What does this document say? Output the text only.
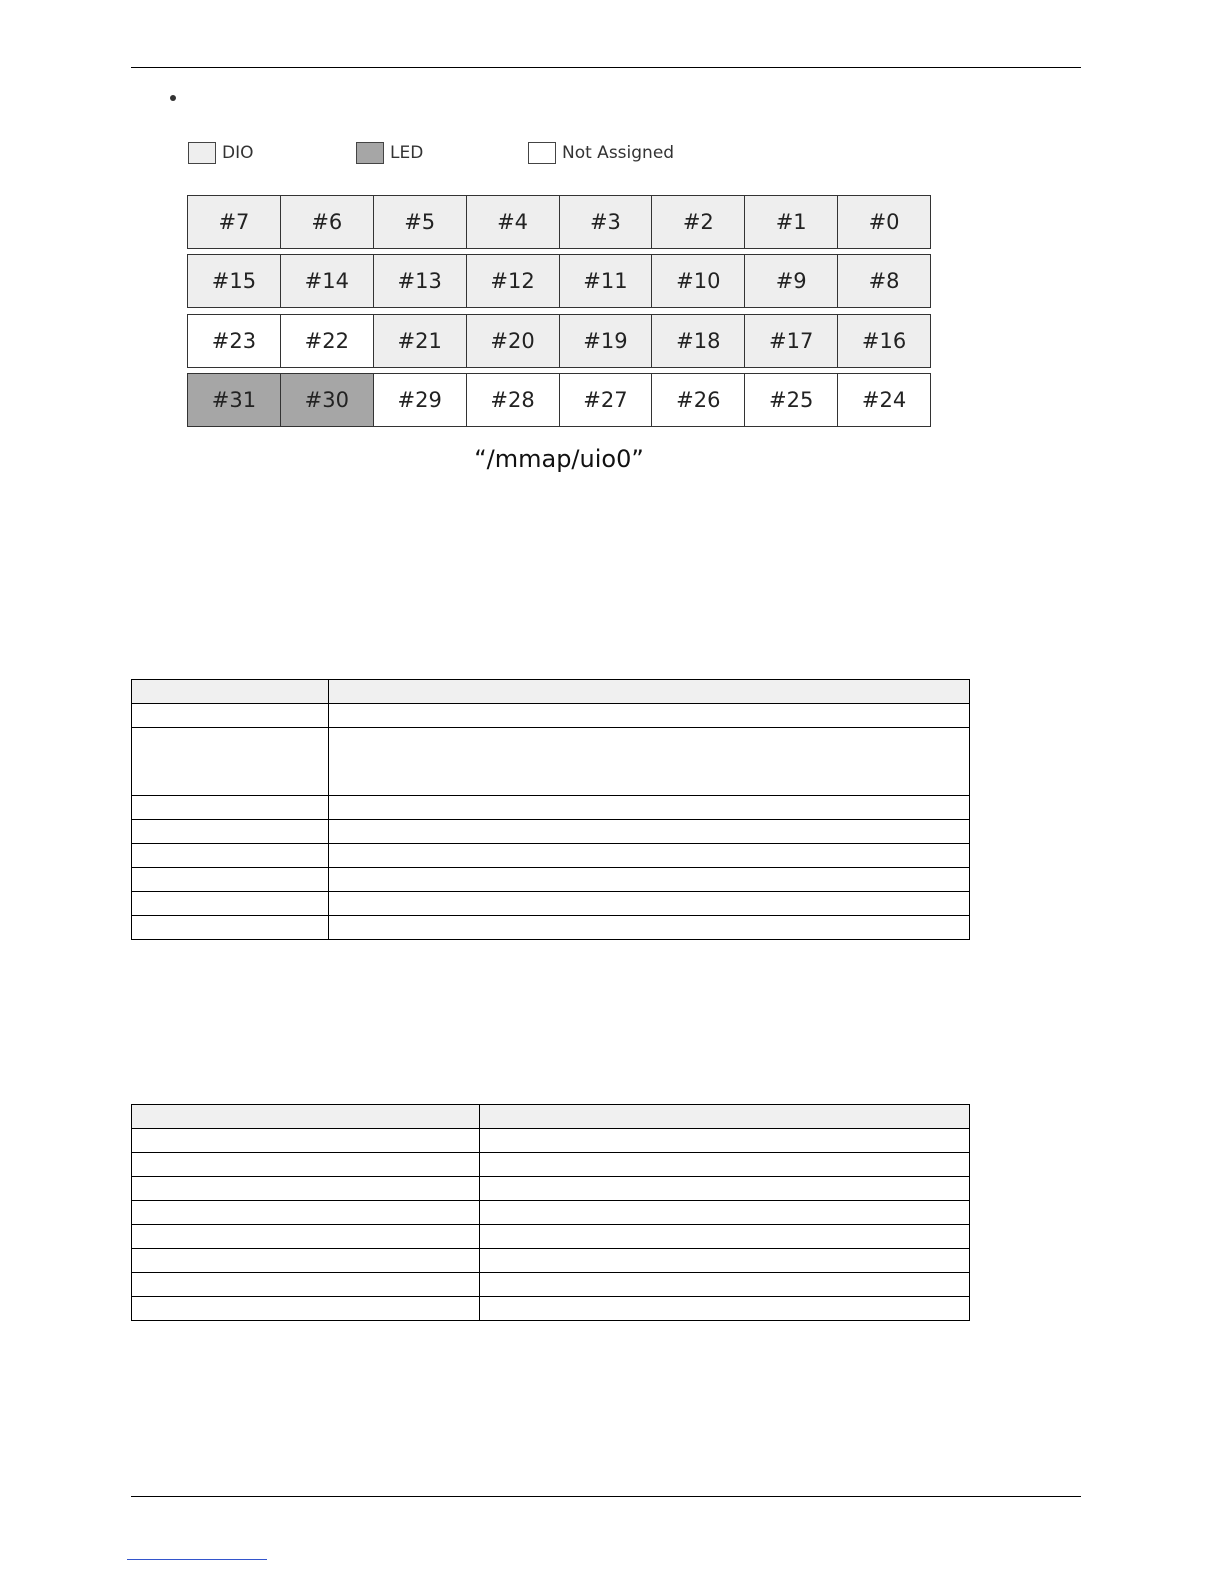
DIO	LED	Not Assigned
#7	#6	#5	#4	#3	#2	#1	#0
#15	#14	#13	#12	#11	#10	#9	#8
#23	#22	#21	#20	#19	#18	#17	#16
#31	#30	#29	#28	#27	#26	#25	#24
“/mmap/uio0”
